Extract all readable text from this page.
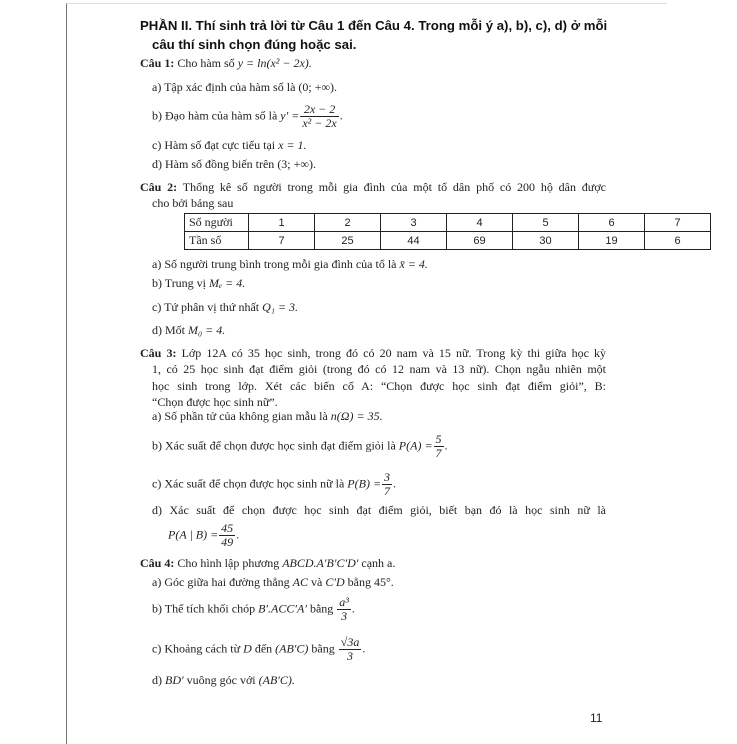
PHẦN II. Thí sinh trả lời từ Câu 1 đến Câu 4. Trong mỗi ý a), b), c), d) ở mỗi
câu thí sinh chọn đúng hoặc sai.
Câu 1: Cho hàm số y = ln(x² − 2x).
a) Tập xác định của hàm số là (0; +∞).
b) Đạo hàm của hàm số là $y' = \frac{2x - 2}{\text{x² − 2x}}$ .
c) Hàm số đạt cực tiểu tại x = 1.
d) Hàm số đồng biến trên (3; +∞).
Câu 2: Thống kê số người trong mỗi gia đình của một tổ dân phố có 200 hộ dân được
cho bởi bảng sau
Số người	1	2	3	4	5	6	7
Tần số	7	25	44	69	30	19	6
a) Số người trung bình trong mỗi gia đình của tổ là x̄ = 4.
b) Trung vị Mₑ = 4.
c) Tứ phân vị thứ nhất Q₁ = 3.
d) Mốt M₀ = 4.
Câu 3: Lớp 12A có 35 học sinh, trong đó có 20 nam và 15 nữ. Trong kỳ thi giữa học kỳ
1, có 25 học sinh đạt điểm giỏi (trong đó có 12 nam và 13 nữ). Chọn ngẫu nhiên một
học sinh trong lớp. Xét các biến cố A: “Chọn được học sinh đạt điểm giỏi”, B:
“Chọn được học sinh nữ”.
a) Số phần tử của không gian mẫu là n(Ω) = 35.
b) Xác suất để chọn được học sinh đạt điểm giỏi là $P(A) = \frac{5}{7}$ .
c) Xác suất để chọn được học sinh nữ là $P(B) = \frac{3}{7}$ .
d) Xác suất để chọn được học sinh đạt điểm giỏi, biết bạn đó là học sinh nữ là
P(A | $B) = \frac{45}{49}$ .
Câu 4: Cho hình lập phương ABCD.A′B′C′D′ cạnh a.
a) Góc giữa hai đường thẳng AC và C′D bằng 45°.
b) Thể tích khối chóp B′.ACC′A′ bằng $\frac{\text{a³}}{3}$ .
c) Khoảng cách từ D đến (AB′C) bằng $\frac{√3a}{3}$ .
d) BD′ vuông góc với (AB′C).
11
